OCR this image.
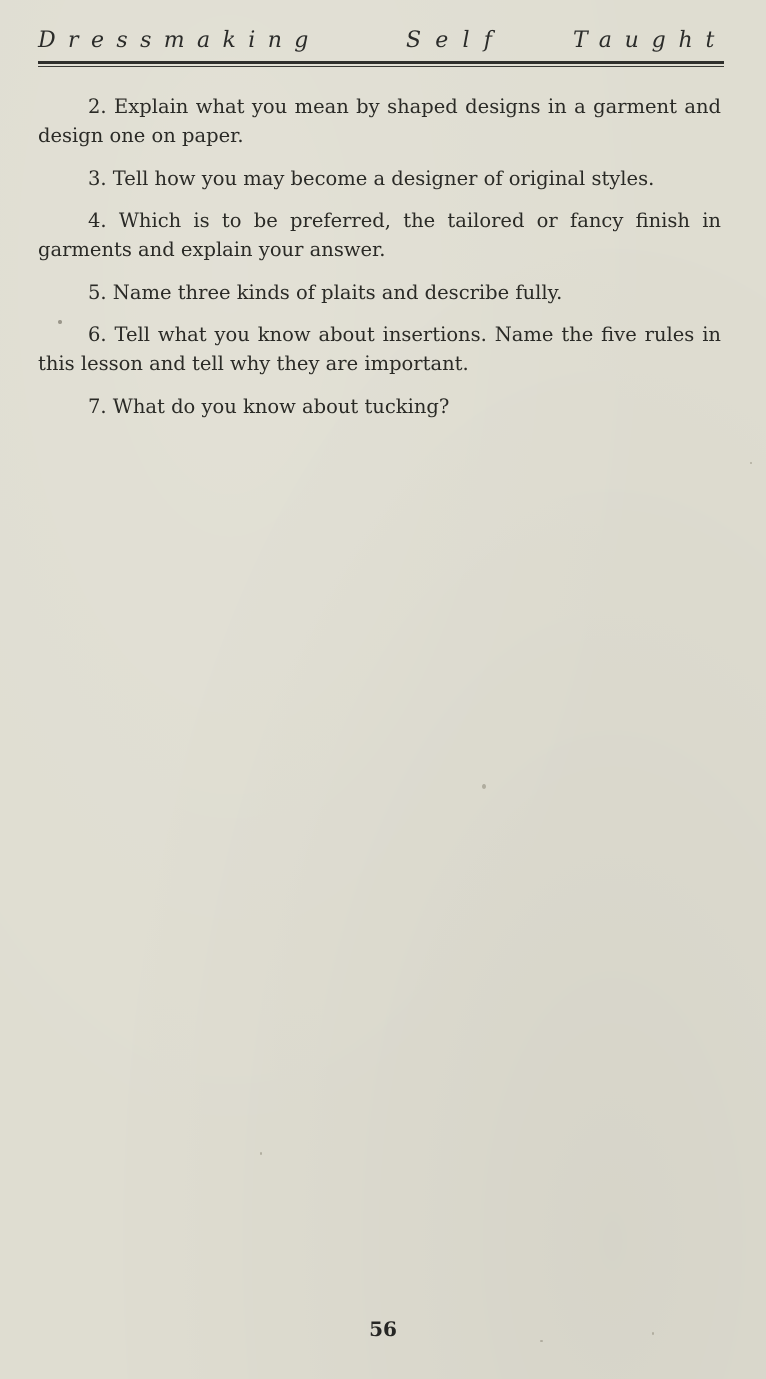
Dressmaking	Self	Taught

2. Explain what you mean by shaped designs in a garment and design one on paper.

3. Tell how you may become a designer of original styles.

4. Which is to be preferred, the tailored or fancy finish in garments and explain your answer.

5. Name three kinds of plaits and describe fully.

6. Tell what you know about insertions. Name the five rules in this lesson and tell why they are important.

7. What do you know about tucking?

56
